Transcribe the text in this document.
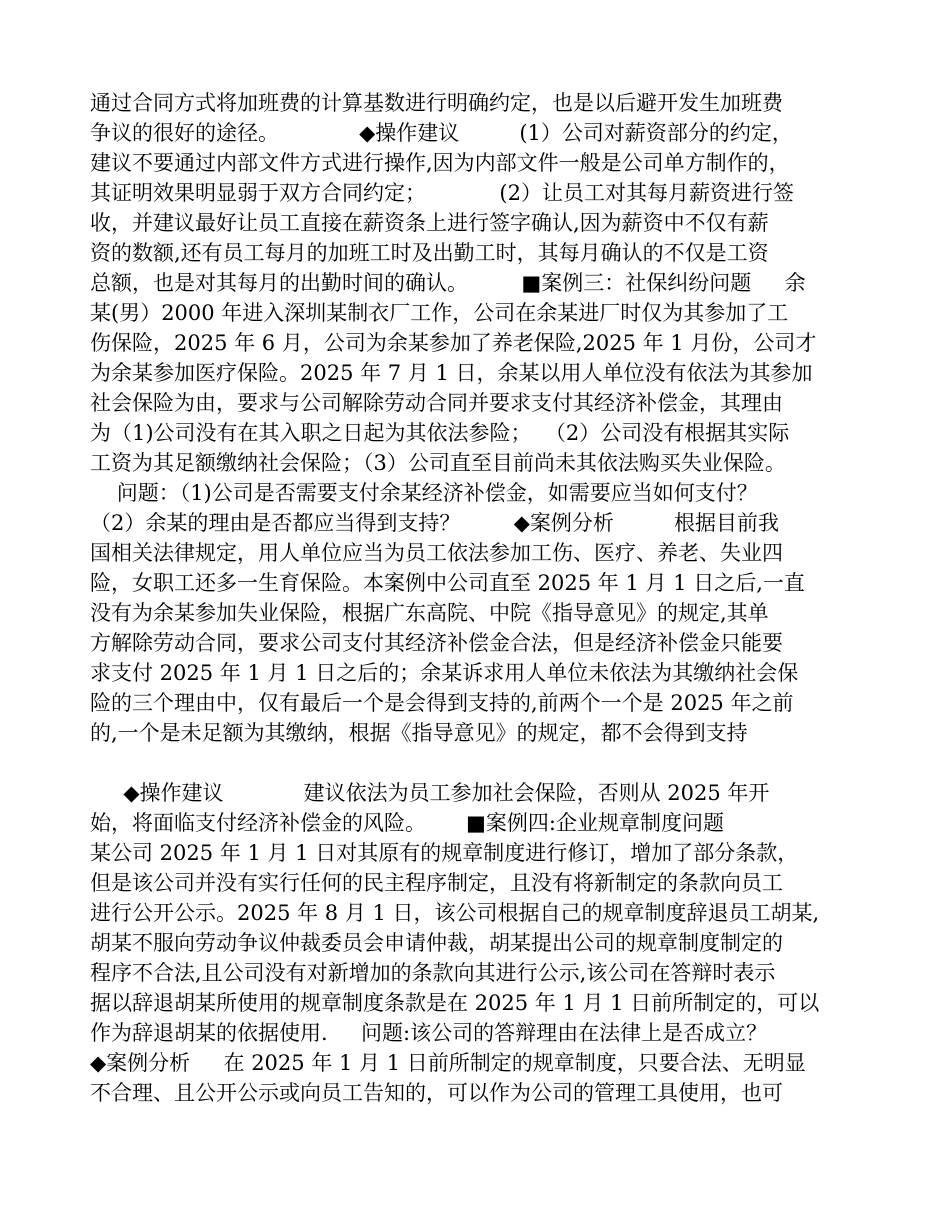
通过合同方式将加班费的计算基数进行明确约定，也是以后避开发生加班费
争议的很好的途径。            ◆操作建议         (1）公司对薪资部分的约定，
建议不要通过内部文件方式进行操作,因为内部文件一般是公司单方制作的，
其证明效果明显弱于双方合同约定；           (2）让员工对其每月薪资进行签
收，并建议最好让员工直接在薪资条上进行签字确认,因为薪资中不仅有薪
资的数额,还有员工每月的加班工时及出勤工时，其每月确认的不仅是工资
总额，也是对其每月的出勤时间的确认。        ■案例三：社保纠纷问题     余
某(男）2000 年进入深圳某制衣厂工作，公司在余某进厂时仅为其参加了工
伤保险，2025 年 6 月，公司为余某参加了养老保险,2025 年 1 月份，公司才
为余某参加医疗保险。2025 年 7 月 1 日，余某以用人单位没有依法为其参加
社会保险为由，要求与公司解除劳动合同并要求支付其经济补偿金，其理由
为（1)公司没有在其入职之日起为其依法参险；  （2）公司没有根据其实际
工资为其足额缴纳社会保险；（3）公司直至目前尚未其依法购买失业保险。
问题：（1)公司是否需要支付余某经济补偿金，如需要应当如何支付？
（2）余某的理由是否都应当得到支持？        ◆案例分析         根据目前我
国相关法律规定，用人单位应当为员工依法参加工伤、医疗、养老、失业四
险，女职工还多一生育保险。本案例中公司直至 2025 年 1 月 1 日之后,一直
没有为余某参加失业保险，根据广东高院、中院《指导意见》的规定,其单
方解除劳动合同，要求公司支付其经济补偿金合法，但是经济补偿金只能要
求支付 2025 年 1 月 1 日之后的；余某诉求用人单位未依法为其缴纳社会保
险的三个理由中，仅有最后一个是会得到支持的,前两个一个是 2025 年之前
的,一个是未足额为其缴纳，根据《指导意见》的规定，都不会得到支持
◆操作建议            建议依法为员工参加社会保险，否则从 2025 年开
始，将面临支付经济补偿金的风险。      ■案例四:企业规章制度问题
某公司 2025 年 1 月 1 日对其原有的规章制度进行修订，增加了部分条款，
但是该公司并没有实行任何的民主程序制定，且没有将新制定的条款向员工
进行公开公示。2025 年 8 月 1 日，该公司根据自己的规章制度辞退员工胡某,
胡某不服向劳动争议仲裁委员会申请仲裁，胡某提出公司的规章制度制定的
程序不合法,且公司没有对新增加的条款向其进行公示,该公司在答辩时表示
据以辞退胡某所使用的规章制度条款是在 2025 年 1 月 1 日前所制定的，可以
作为辞退胡某的依据使用.     问题:该公司的答辩理由在法律上是否成立？
◆案例分析     在 2025 年 1 月 1 日前所制定的规章制度，只要合法、无明显
不合理、且公开公示或向员工告知的，可以作为公司的管理工具使用，也可
